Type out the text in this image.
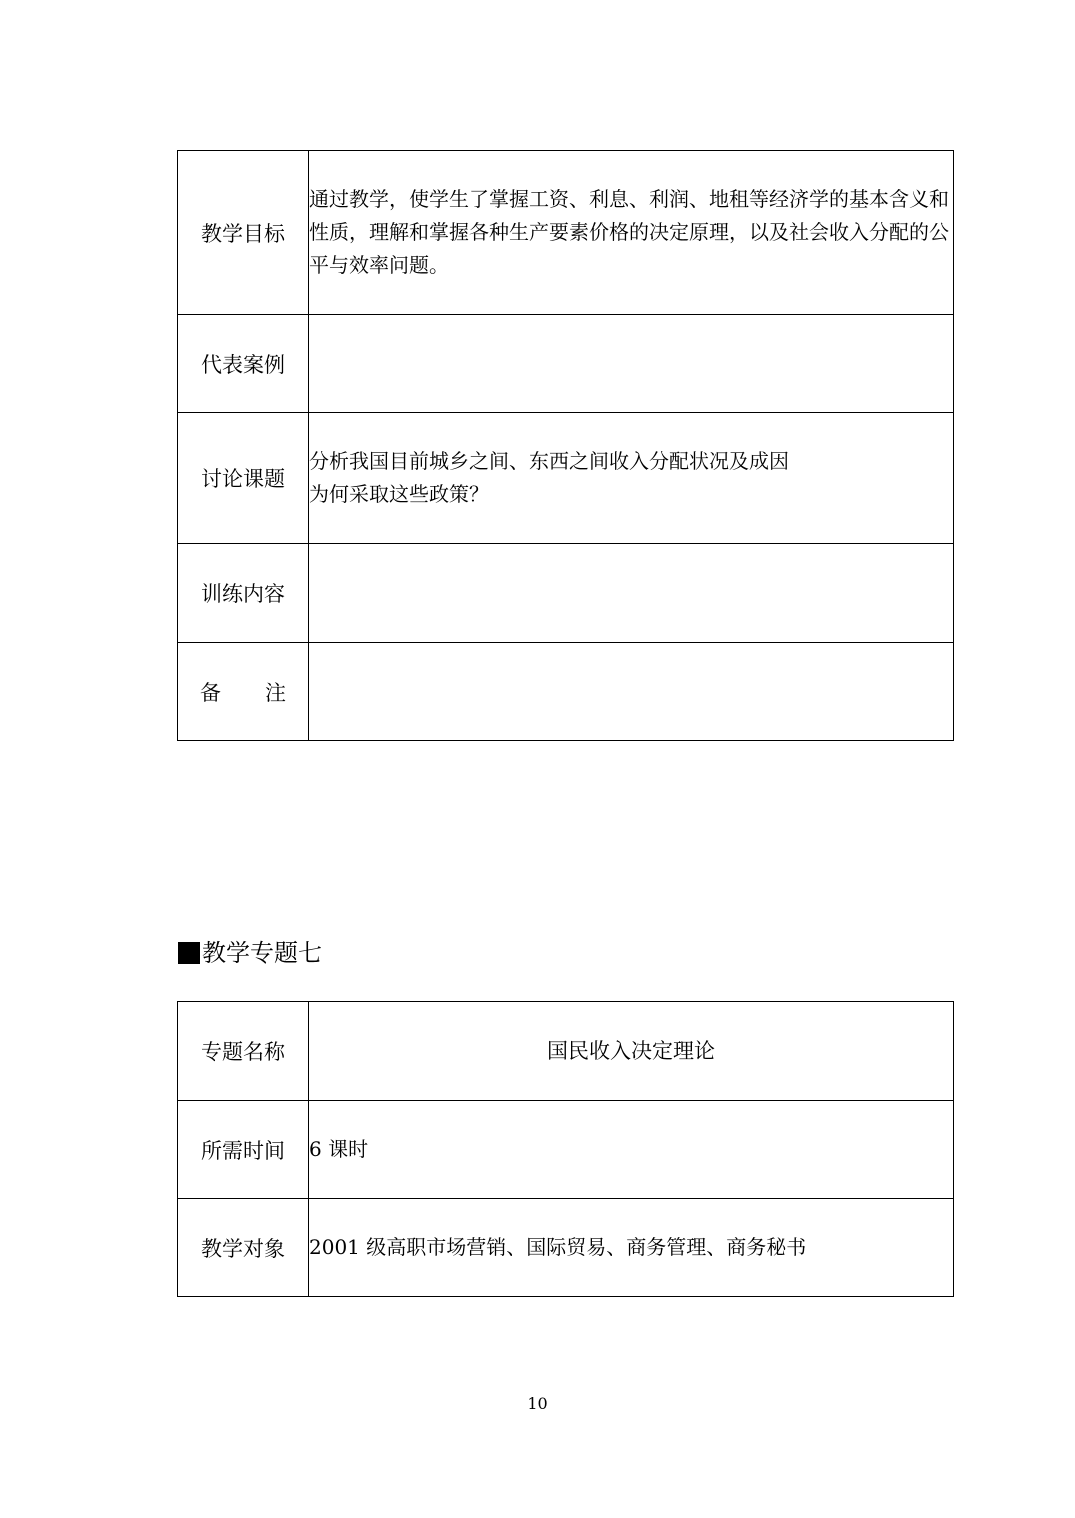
教学目标	通过教学，使学生了掌握工资、利息、利润、地租等经济学的基本含义和性质，理解和掌握各种生产要素价格的决定原理，以及社会收入分配的公平与效率问题。

代表案例	
讨论课题	分析我国目前城乡之间、东西之间收入分配状况及成因

为何采取这些政策？

训练内容	
备　　注	
教学专题七
专题名称	国民收入决定理论
所需时间	6 课时
教学对象	2001 级高职市场营销、国际贸易、商务管理、商务秘书
10
